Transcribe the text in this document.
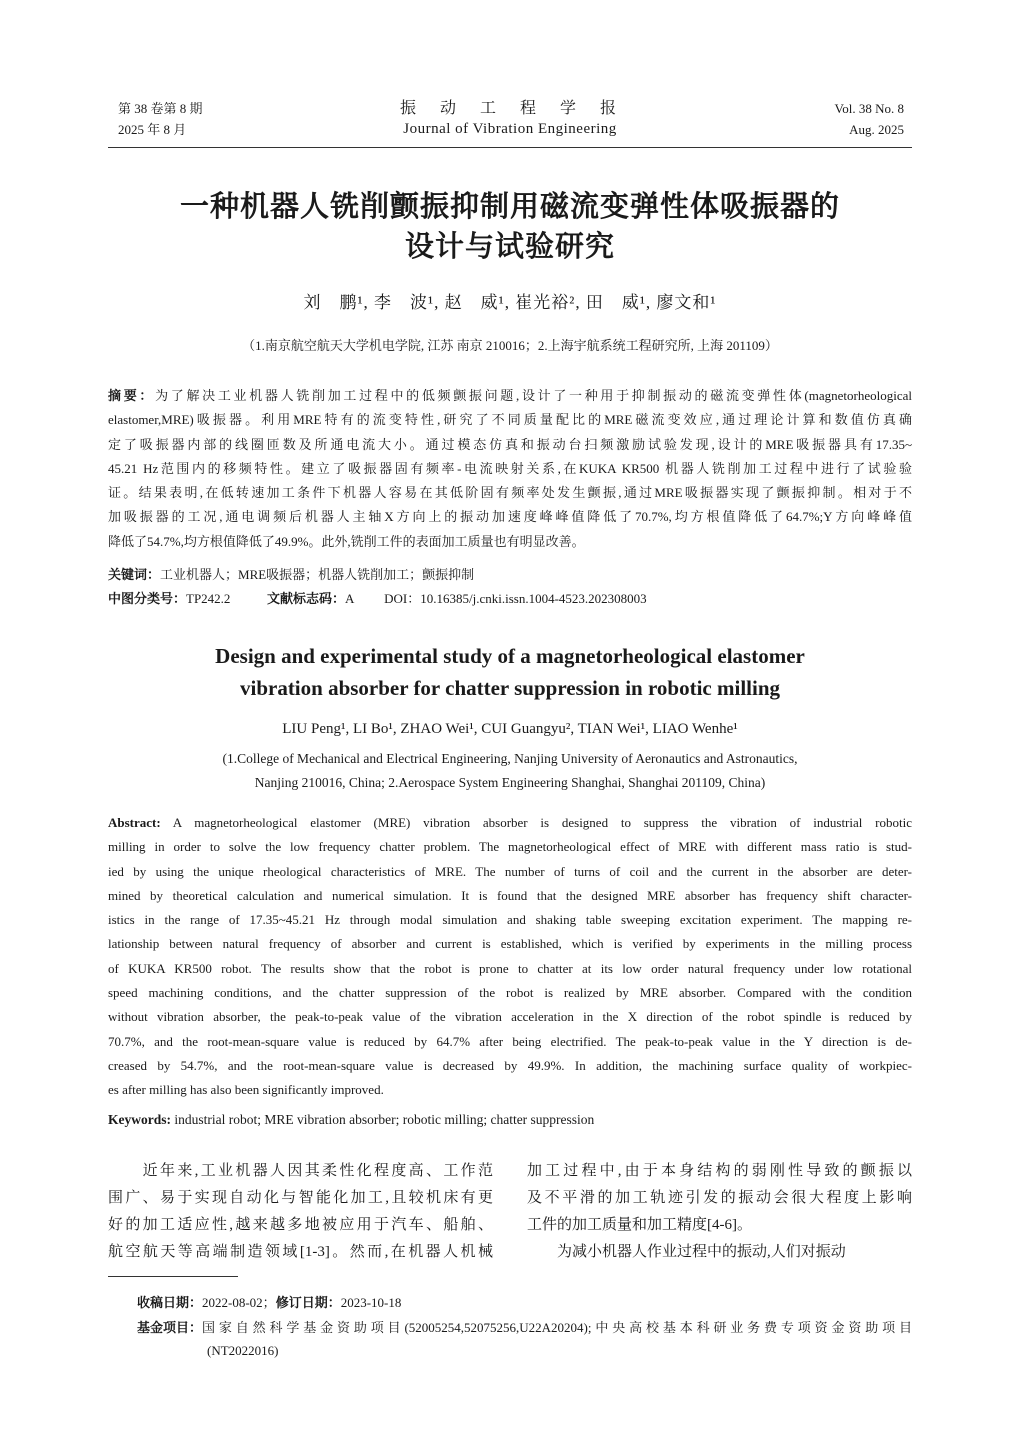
第 38 卷第 8 期
2025 年 8 月
振　动　工　程　学　报
Journal of Vibration Engineering
Vol. 38 No. 8
Aug. 2025
一种机器人铣削颤振抑制用磁流变弹性体吸振器的
设计与试验研究
刘　鹏¹, 李　波¹, 赵　威¹, 崔光裕², 田　威¹, 廖文和¹
（1.南京航空航天大学机电学院, 江苏 南京 210016；2.上海宇航系统工程研究所, 上海 201109）
摘要：为了解决工业机器人铣削加工过程中的低频颤振问题,设计了一种用于抑制振动的磁流变弹性体(magnetorheological
elastomer,MRE)吸振器。利用MRE特有的流变特性,研究了不同质量配比的MRE磁流变效应,通过理论计算和数值仿真确
定了吸振器内部的线圈匝数及所通电流大小。通过模态仿真和振动台扫频激励试验发现,设计的MRE吸振器具有17.35~
45.21 Hz范围内的移频特性。建立了吸振器固有频率-电流映射关系,在KUKA KR500 机器人铣削加工过程中进行了试验验
证。结果表明,在低转速加工条件下机器人容易在其低阶固有频率处发生颤振,通过MRE吸振器实现了颤振抑制。相对于不
加吸振器的工况,通电调频后机器人主轴X方向上的振动加速度峰峰值降低了70.7%,均方根值降低了64.7%;Y方向峰峰值
降低了54.7%,均方根值降低了49.9%。此外,铣削工件的表面加工质量也有明显改善。
关键词：工业机器人；MRE吸振器；机器人铣削加工；颤振抑制
中图分类号：TP242.2	文献标志码：A DOI：10.16385/j.cnki.issn.1004-4523.202308003
Design and experimental study of a magnetorheological elastomer
vibration absorber for chatter suppression in robotic milling
LIU Peng¹, LI Bo¹, ZHAO Wei¹, CUI Guangyu², TIAN Wei¹, LIAO Wenhe¹
(1.College of Mechanical and Electrical Engineering, Nanjing University of Aeronautics and Astronautics,
Nanjing 210016, China; 2.Aerospace System Engineering Shanghai, Shanghai 201109, China)
Abstract: A magnetorheological elastomer (MRE) vibration absorber is designed to suppress the vibration of industrial robotic
milling in order to solve the low frequency chatter problem. The magnetorheological effect of MRE with different mass ratio is stud-
ied by using the unique rheological characteristics of MRE. The number of turns of coil and the current in the absorber are deter-
mined by theoretical calculation and numerical simulation. It is found that the designed MRE absorber has frequency shift character-
istics in the range of 17.35~45.21 Hz through modal simulation and shaking table sweeping excitation experiment. The mapping re-
lationship between natural frequency of absorber and current is established, which is verified by experiments in the milling process
of KUKA KR500 robot. The results show that the robot is prone to chatter at its low order natural frequency under low rotational
speed machining conditions, and the chatter suppression of the robot is realized by MRE absorber. Compared with the condition
without vibration absorber, the peak-to-peak value of the vibration acceleration in the X direction of the robot spindle is reduced by
70.7%, and the root-mean-square value is reduced by 64.7% after being electrified. The peak-to-peak value in the Y direction is de-
creased by 54.7%, and the root-mean-square value is decreased by 49.9%. In addition, the machining surface quality of workpiec-
es after milling has also been significantly improved.
Keywords: industrial robot; MRE vibration absorber; robotic milling; chatter suppression
　　近年来,工业机器人因其柔性化程度高、工作范
围广、易于实现自动化与智能化加工,且较机床有更
好的加工适应性,越来越多地被应用于汽车、船舶、
航空航天等高端制造领域[1-3]。然而,在机器人机械
加工过程中,由于本身结构的弱刚性导致的颤振以
及不平滑的加工轨迹引发的振动会很大程度上影响
工件的加工质量和加工精度[4-6]。
　　为减小机器人作业过程中的振动,人们对振动
收稿日期：2022-08-02；修订日期：2023-10-18
基金项目： 国家自然科学基金资助项目(52005254,52075256,U22A20204);中央高校基本科研业务费专项资金资助项目
(NT2022016)
